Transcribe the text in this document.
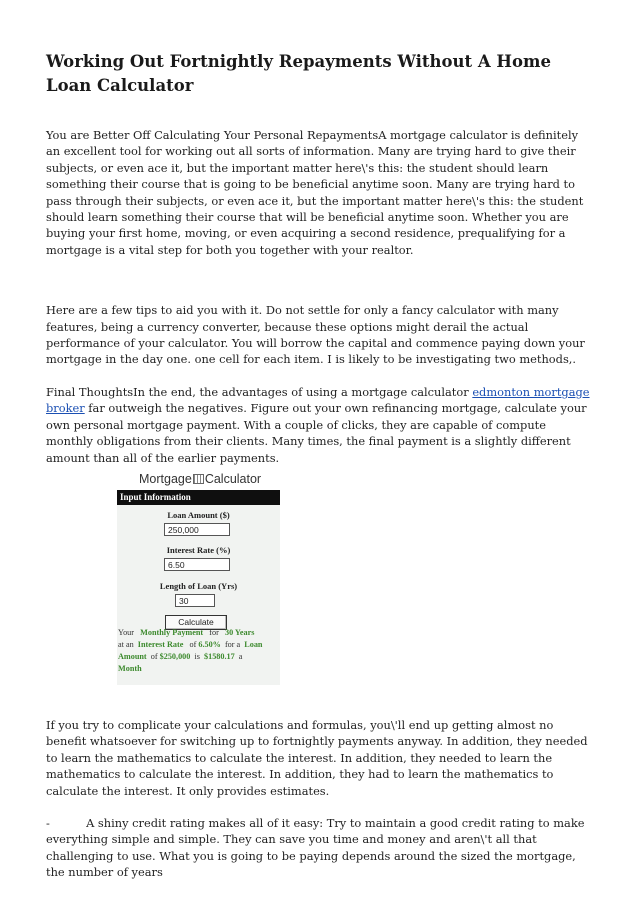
Working Out Fortnightly Repayments Without A Home Loan Calculator

You are Better Off Calculating Your Personal RepaymentsA mortgage calculator is definitely an excellent tool for working out all sorts of information. Many are trying hard to give their subjects, or even ace it, but the important matter here\'s this: the student should learn something their course that is going to be beneficial anytime soon. Many are trying hard to pass through their subjects, or even ace it, but the important matter here\'s this: the student should learn something their course that will be beneficial anytime soon. Whether you are buying your first home, moving, or even acquiring a second residence, prequalifying for a mortgage is a vital step for both you together with your realtor.

Here are a few tips to aid you with it. Do not settle for only a fancy calculator with many features, being a currency converter, because these options might derail the actual performance of your calculator. You will borrow the capital and commence paying down your mortgage in the day one. one cell for each item. I is likely to be investigating two methods,.

Final ThoughtsIn the end, the advantages of using a mortgage calculator edmonton mortgage broker far outweigh the negatives. Figure out your own refinancing mortgage, calculate your own personal mortgage payment. With a couple of clicks, they are capable of compute monthly obligations from their clients. Many times, the final payment is a slightly different amount than all of the earlier payments.

Mortgage Calculator
Input Information
Loan Amount ($)
250,000
Interest Rate (%)
6.50
Length of Loan (Yrs)
30
Calculate
Your Monthly Payment for 30 Years  at an Interest Rate of 6.50% for a Loan Amount of $250,000 is $1580.17 a Month

If you try to complicate your calculations and formulas, you\'ll end up getting almost no benefit whatsoever for switching up to fortnightly payments anyway. In addition, they needed to learn the mathematics to calculate the interest. In addition, they needed to learn the mathematics to calculate the interest. In addition, they had to learn the mathematics to calculate the interest. It only provides estimates.

-	A shiny credit rating makes all of it easy: Try to maintain a good credit rating to make everything simple and simple. They can save you time and money and aren\'t all that challenging to use. What you is going to be paying depends around the sized the mortgage, the number of years
